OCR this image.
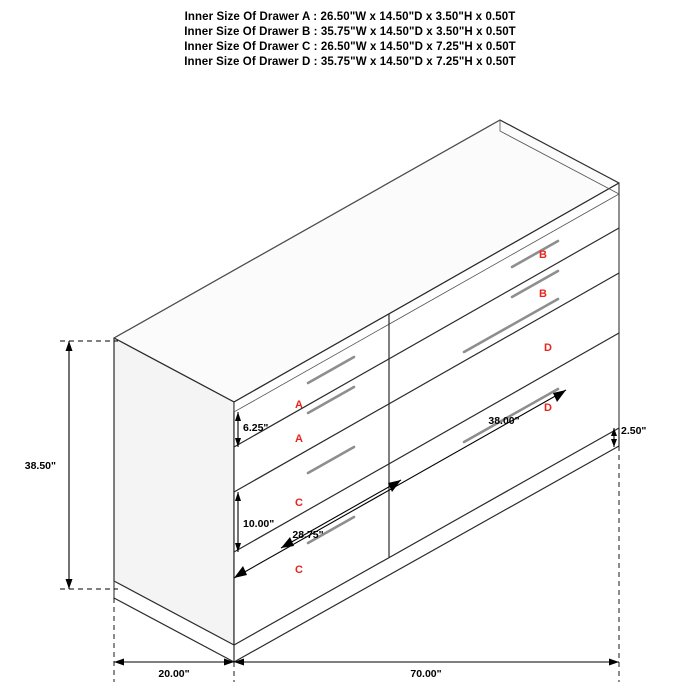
Inner Size Of Drawer A : 26.50"W x 14.50"D x 3.50"H x 0.50T
Inner Size Of Drawer B : 35.75"W x 14.50"D x 3.50"H x 0.50T
Inner Size Of Drawer C : 26.50"W x 14.50"D x 7.25"H x 0.50T
Inner Size Of Drawer D : 35.75"W x 14.50"D x 7.25"H x 0.50T
B
B
D
D
A
A
C
C
38.50"
6.25"
10.00"
2.50"
38.00"
28.75"
20.00"	70.00"
